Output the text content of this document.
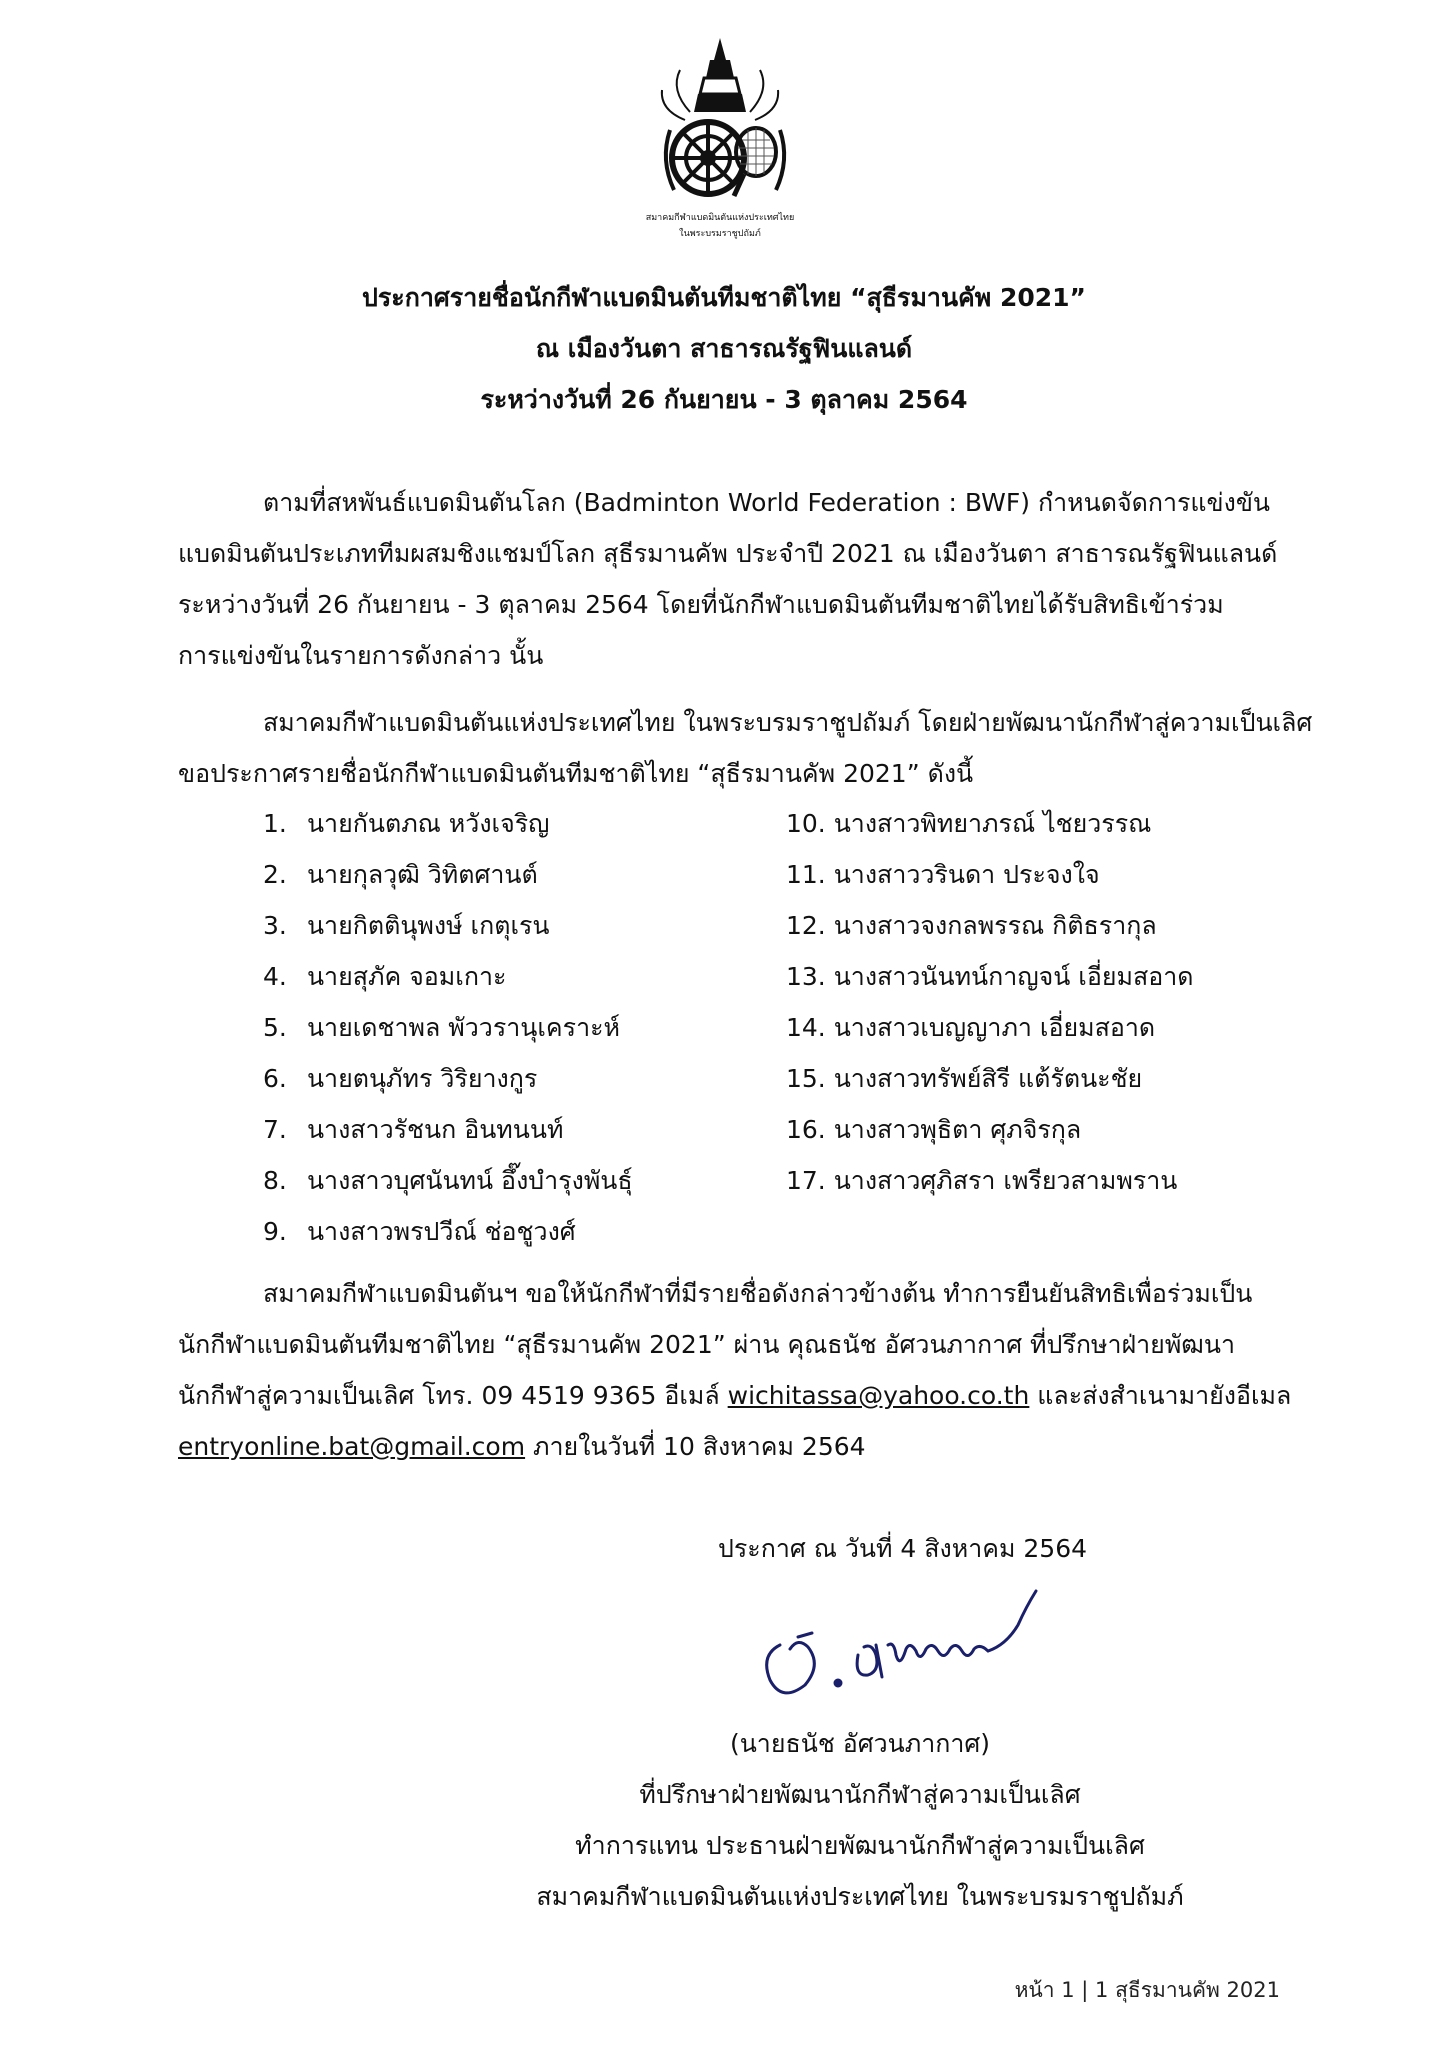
สมาคมกีฬาแบดมินตันแห่งประเทศไทย
ในพระบรมราชูปถัมภ์
ประกาศรายชื่อนักกีฬาแบดมินตันทีมชาติไทย “สุธีรมานคัพ 2021”
ณ เมืองวันตา สาธารณรัฐฟินแลนด์
ระหว่างวันที่ 26 กันยายน - 3 ตุลาคม 2564
ตามที่สหพันธ์แบดมินตันโลก (Badminton World Federation : BWF) กำหนดจัดการแข่งขัน
แบดมินตันประเภททีมผสมชิงแชมป์โลก สุธีรมานคัพ ประจำปี 2021 ณ เมืองวันตา สาธารณรัฐฟินแลนด์
ระหว่างวันที่ 26 กันยายน - 3 ตุลาคม 2564 โดยที่นักกีฬาแบดมินตันทีมชาติไทยได้รับสิทธิเข้าร่วม
การแข่งขันในรายการดังกล่าว นั้น
สมาคมกีฬาแบดมินตันแห่งประเทศไทย ในพระบรมราชูปถัมภ์ โดยฝ่ายพัฒนานักกีฬาสู่ความเป็นเลิศ
ขอประกาศรายชื่อนักกีฬาแบดมินตันทีมชาติไทย “สุธีรมานคัพ 2021” ดังนี้
1. นายกันตภณ หวังเจริญ
2. นายกุลวุฒิ วิทิตศานต์
3. นายกิตตินุพงษ์ เกตุเรน
4. นายสุภัค จอมเกาะ
5. นายเดชาพล พัววรานุเคราะห์
6. นายตนุภัทร วิริยางกูร
7. นางสาวรัชนก อินทนนท์
8. นางสาวบุศนันทน์ อึ๊งบำรุงพันธุ์
9. นางสาวพรปวีณ์ ช่อชูวงศ์
10. นางสาวพิทยาภรณ์ ไชยวรรณ
11. นางสาววรินดา ประจงใจ
12. นางสาวจงกลพรรณ กิติธรากุล
13. นางสาวนันทน์กาญจน์ เอี่ยมสอาด
14. นางสาวเบญญาภา เอี่ยมสอาด
15. นางสาวทรัพย์สิรี แต้รัตนะชัย
16. นางสาวพุธิตา ศุภจิรกุล
17. นางสาวศุภิสรา เพรียวสามพราน
สมาคมกีฬาแบดมินตันฯ ขอให้นักกีฬาที่มีรายชื่อดังกล่าวข้างต้น ทำการยืนยันสิทธิเพื่อร่วมเป็น
นักกีฬาแบดมินตันทีมชาติไทย “สุธีรมานคัพ 2021” ผ่าน คุณธนัช อัศวนภากาศ ที่ปรึกษาฝ่ายพัฒนา
นักกีฬาสู่ความเป็นเลิศ โทร. 09 4519 9365 อีเมล์ wichitassa@yahoo.co.th และส่งสำเนามายังอีเมล
entryonline.bat@gmail.com ภายในวันที่ 10 สิงหาคม 2564
ประกาศ ณ วันที่ 4 สิงหาคม 2564
(นายธนัช อัศวนภากาศ)
ที่ปรึกษาฝ่ายพัฒนานักกีฬาสู่ความเป็นเลิศ
ทำการแทน ประธานฝ่ายพัฒนานักกีฬาสู่ความเป็นเลิศ
สมาคมกีฬาแบดมินตันแห่งประเทศไทย ในพระบรมราชูปถัมภ์
หน้า 1 | 1 สุธีรมานคัพ 2021
